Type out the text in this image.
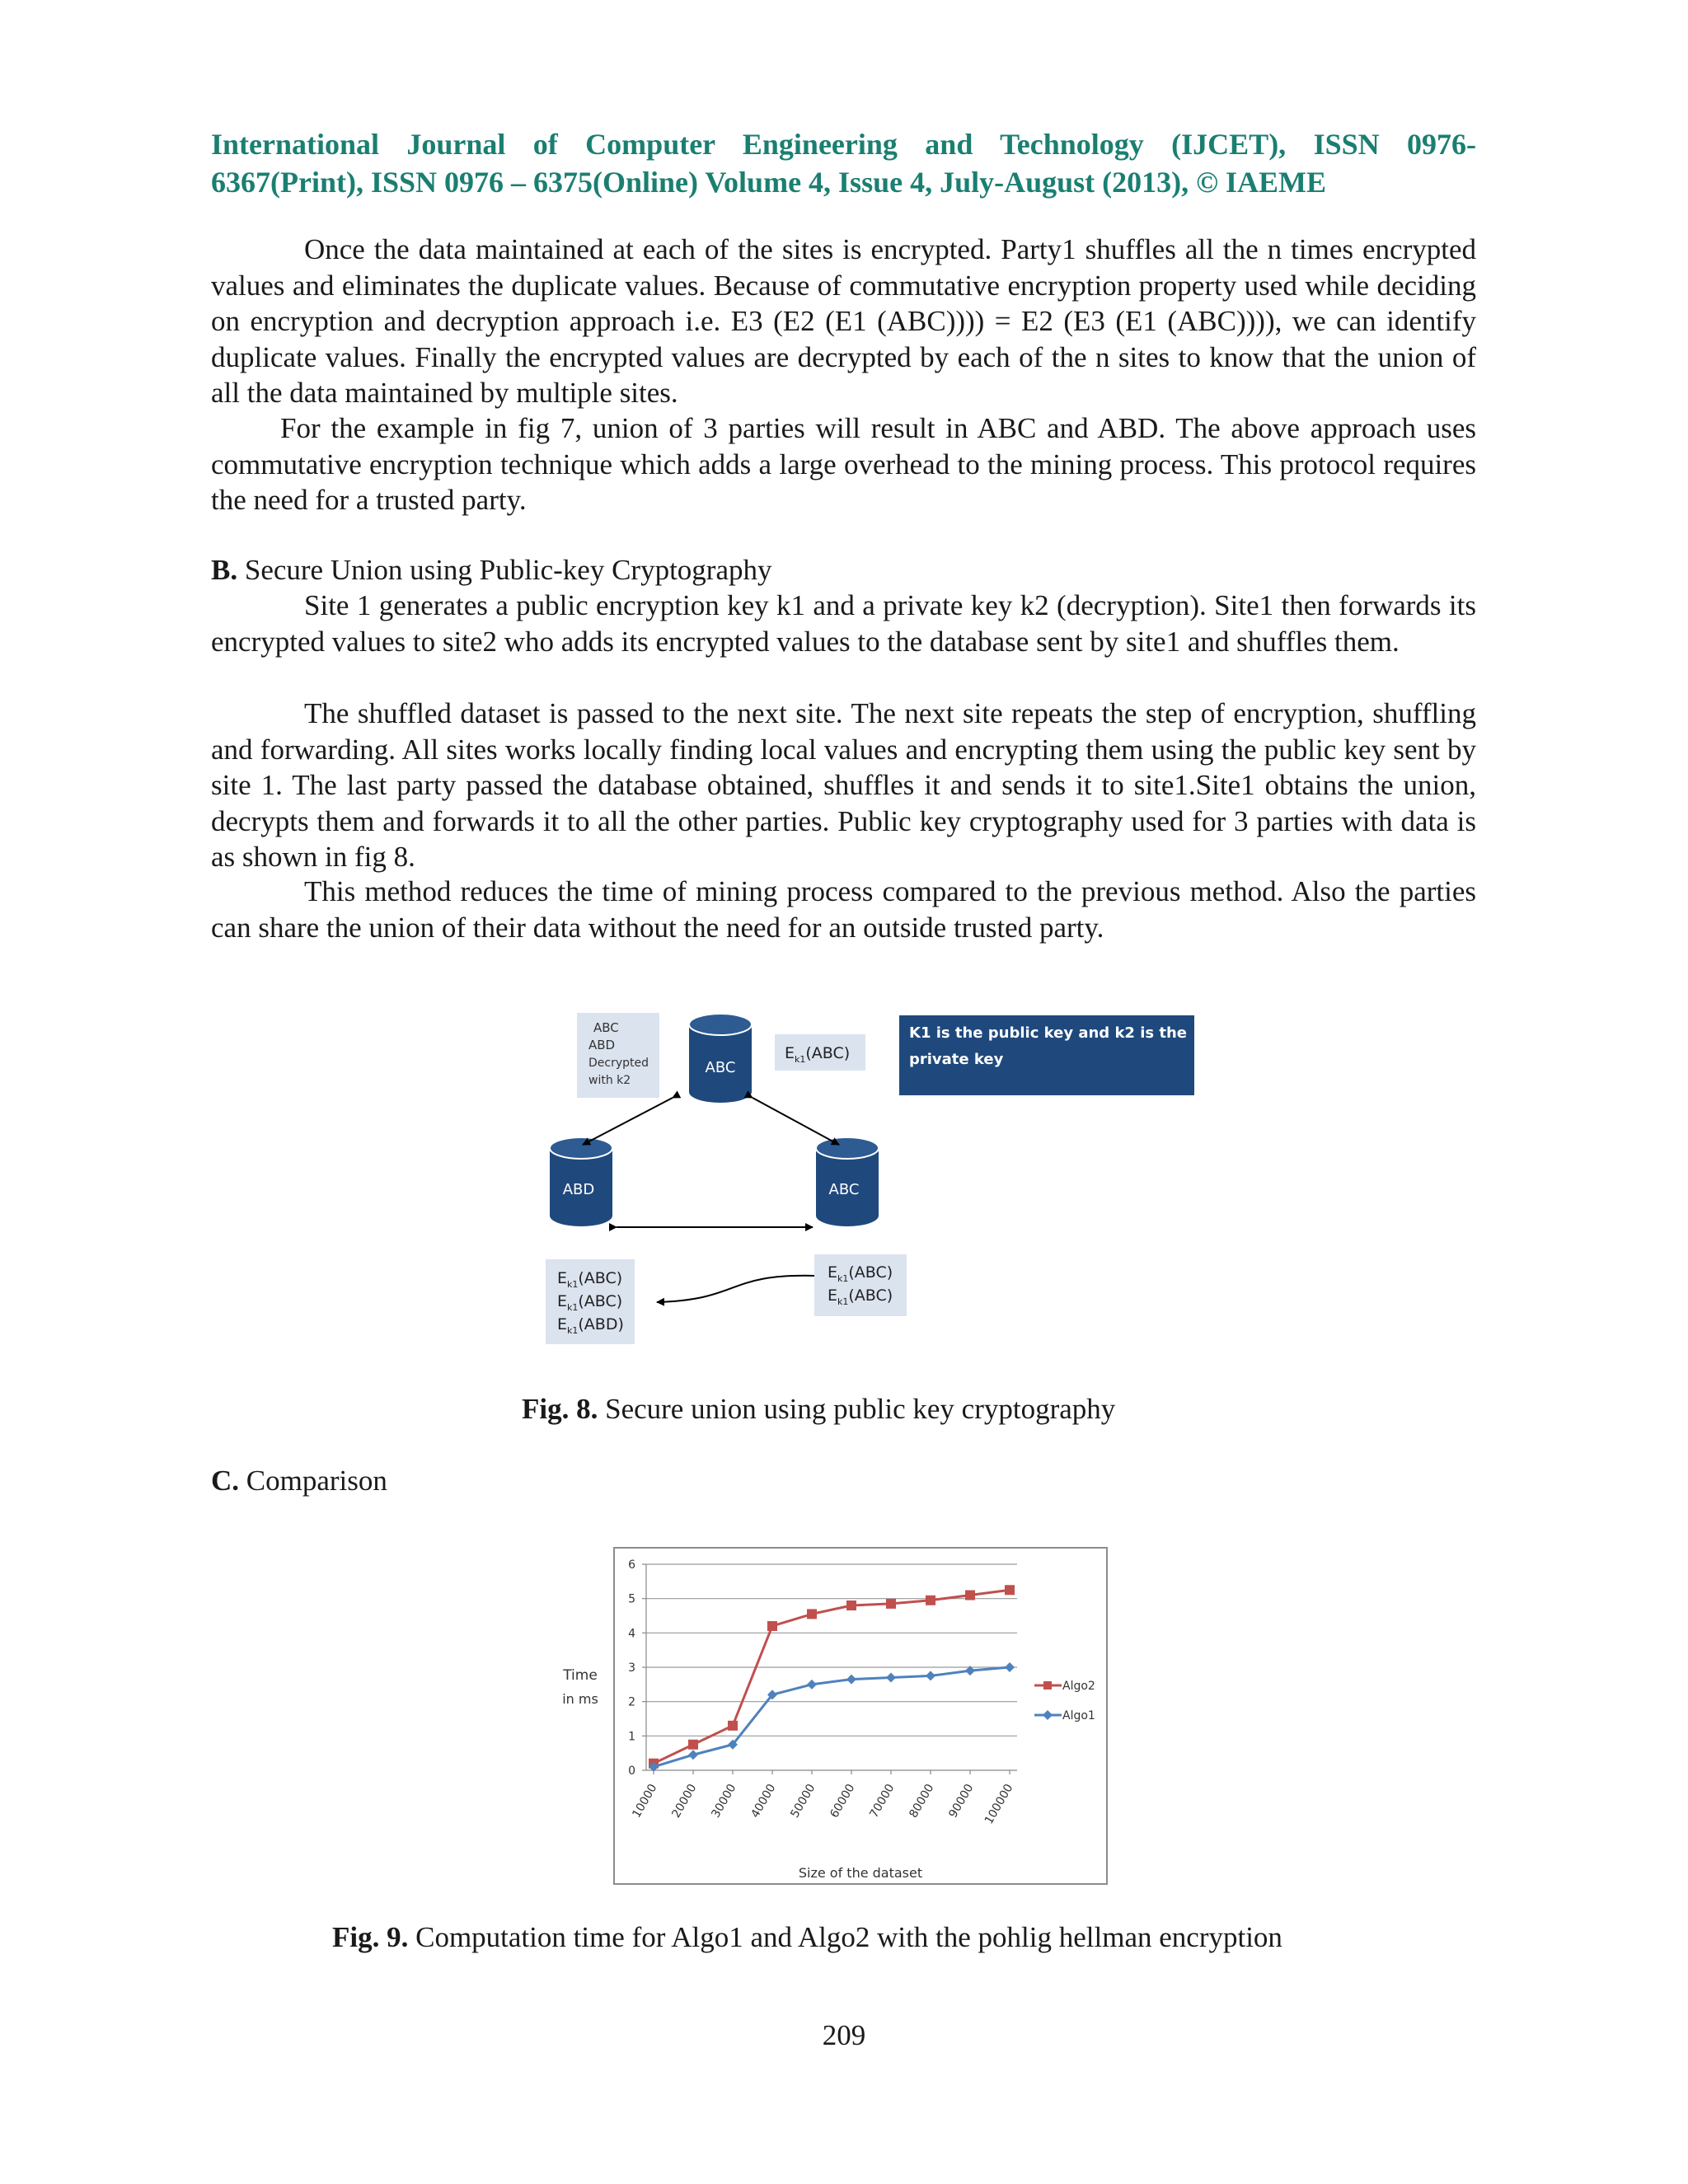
International Journal of Computer Engineering and Technology (IJCET), ISSN 0976-
6367(Print), ISSN 0976 – 6375(Online) Volume 4, Issue 4, July-August (2013), © IAEME
Once the data maintained at each of the sites is encrypted. Party1 shuffles all the n times encrypted values and eliminates the duplicate values. Because of commutative encryption property used while deciding on encryption and decryption approach i.e. E3 (E2 (E1 (ABC)))) = E2 (E3 (E1 (ABC)))), we can identify duplicate values. Finally the encrypted values are decrypted by each of the n sites to know that the union of all the data maintained by multiple sites.
For the example in fig 7, union of 3 parties will result in ABC and ABD. The above approach uses commutative encryption technique which adds a large overhead to the mining process. This protocol requires the need for a trusted party.
B. Secure Union using Public-key Cryptography
Site 1 generates a public encryption key k1 and a private key k2 (decryption). Site1 then forwards its encrypted values to site2 who adds its encrypted values to the database sent by site1 and shuffles them.
The shuffled dataset is passed to the next site. The next site repeats the step of encryption, shuffling and forwarding. All sites works locally finding local values and encrypting them using the public key sent by site 1. The last party passed the database obtained, shuffles it and sends it to site1.Site1 obtains the union, decrypts them and forwards it to all the other parties. Public key cryptography used for 3 parties with data is as shown in fig 8.
This method reduces the time of mining process compared to the previous method. Also the parties can share the union of their data without the need for an outside trusted party.
ABC
ABD
Decrypted
with k2
ABC
$E_{k1}(ABC)$
K1 is the public key and k2 is the
private key
ABD	ABC
$E_{k1}(ABC)$
$E_{k1}(ABC)$
$E_{k1}(ABD)$
$E_{k1}(ABC)$
$E_{k1}(ABC)$
Fig. 8. Secure union using public key cryptography
C. Comparison
0
1
2
3
4
5
6
10000 20000 30000 40000 50000 60000 70000 80000 90000 100000
Algo2
Algo1
Time
in ms
Size of the dataset
Fig. 9. Computation time for Algo1 and Algo2 with the pohlig hellman encryption
209
